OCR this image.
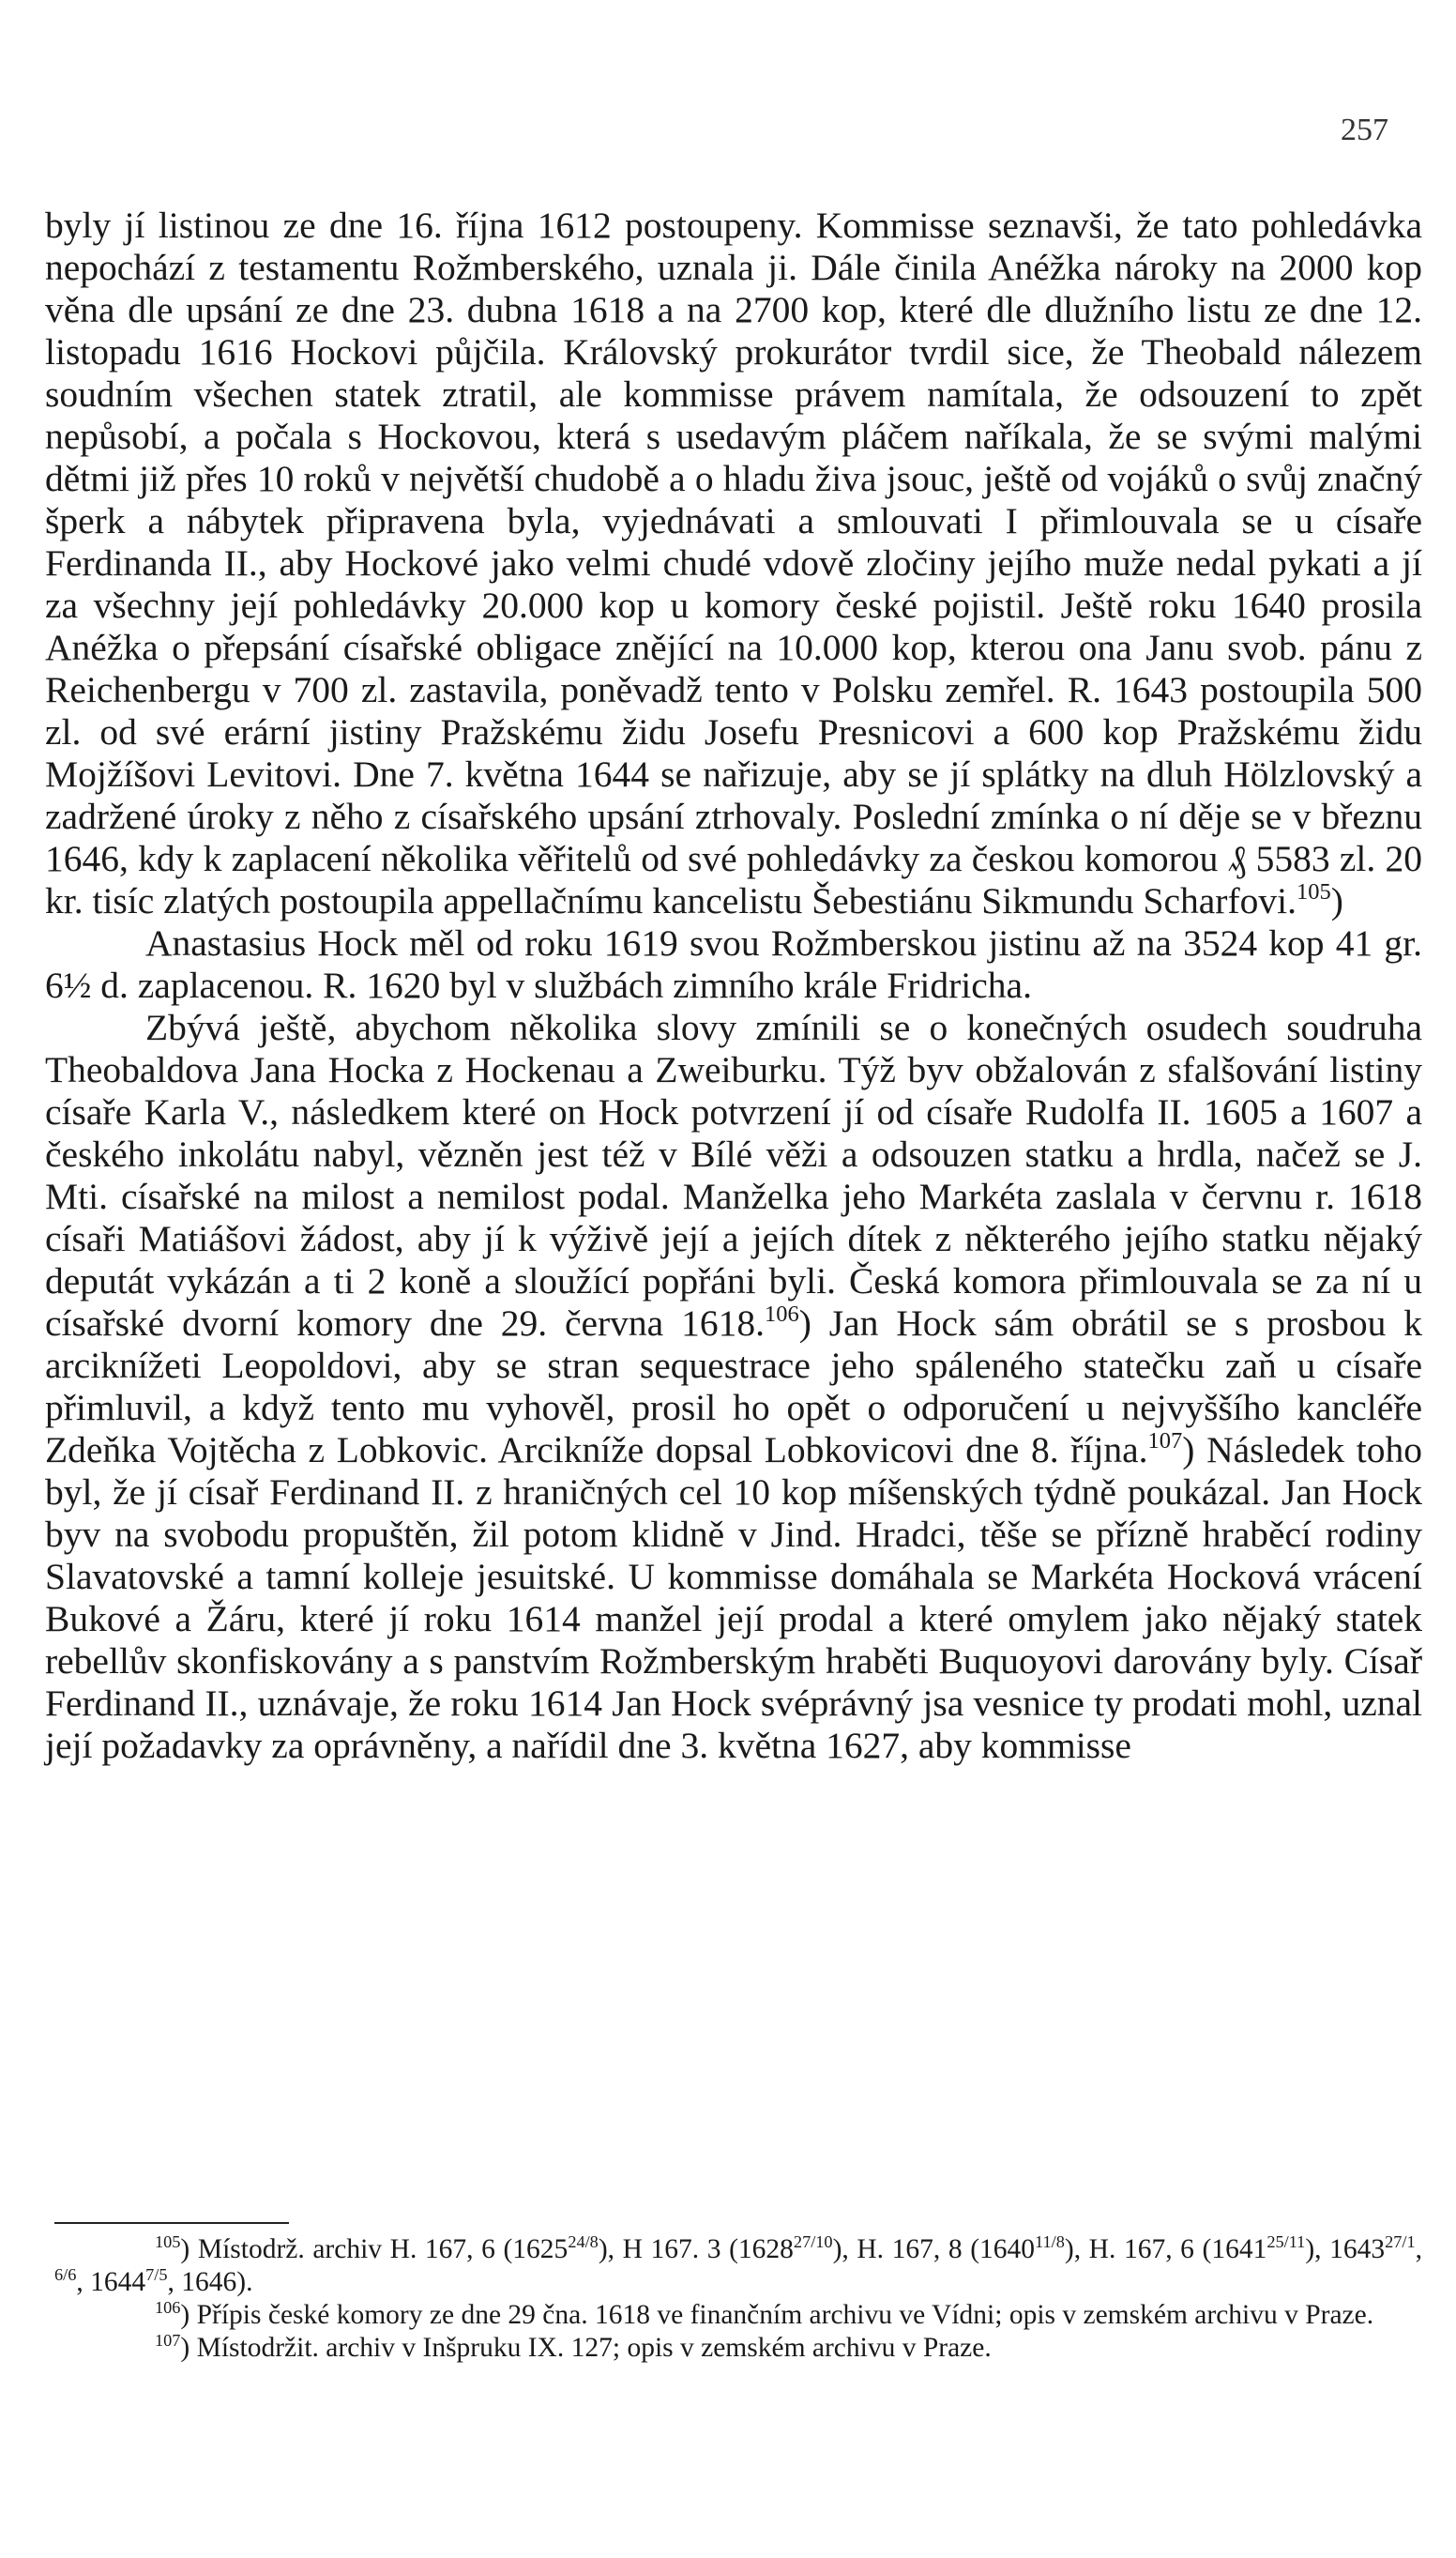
257

byly jí listinou ze dne 16. října 1612 postoupeny. Kommisse seznavši, že tato pohledávka nepochází z testamentu Rožmberského, uznala ji. Dále činila Anéžka nároky na 2000 kop věna dle upsání ze dne 23. dubna 1618 a na 2700 kop, které dle dlužního listu ze dne 12. listopadu 1616 Hockovi půjčila. Královský prokurátor tvrdil sice, že Theobald nálezem soudním všechen statek ztratil, ale kommisse právem namítala, že odsouzení to zpět nepůsobí, a počala s Hockovou, která s usedavým pláčem naříkala, že se svými malými dětmi již přes 10 roků v největší chudobě a o hladu živa jsouc, ještě od vojáků o svůj značný šperk a nábytek připravena byla, vyjednávati a smlouvati I přimlouvala se u císaře Ferdinanda II., aby Hockové jako velmi chudé vdově zločiny jejího muže nedal pykati a jí za všechny její pohledávky 20.000 kop u komory české pojistil. Ještě roku 1640 prosila Anéžka o přepsání císařské obligace znějící na 10.000 kop, kterou ona Janu svob. pánu z Reichenbergu v 700 zl. zastavila, poněvadž tento v Polsku zemřel. R. 1643 postoupila 500 zl. od své erární jistiny Pražskému židu Josefu Presnicovi a 600 kop Pražskému židu Mojžíšovi Levitovi. Dne 7. května 1644 se nařizuje, aby se jí splátky na dluh Hölzlovský a zadržené úroky z něho z císařského upsání ztrhovaly. Poslední zmínka o ní děje se v březnu 1646, kdy k zaplacení několika věřitelů od své pohledávky za českou komorou ₰ 5583 zl. 20 kr. tisíc zlatých postoupila appellačnímu kancelistu Šebestiánu Sikmundu Scharfovi.$^{105}$)

Anastasius Hock měl od roku 1619 svou Rožmberskou jistinu až na 3524 kop 41 gr. 6½ d. zaplacenou. R. 1620 byl v službách zimního krále Fridricha.

Zbývá ještě, abychom několika slovy zmínili se o konečných osudech soudruha Theobaldova Jana Hocka z Hockenau a Zweiburku. Týž byv obžalován z sfalšování listiny císaře Karla V., následkem které on Hock potvrzení jí od císaře Rudolfa II. 1605 a 1607 a českého inkolátu nabyl, vězněn jest též v Bílé věži a odsouzen statku a hrdla, načež se J. Mti. císařské na milost a nemilost podal. Manželka jeho Markéta zaslala v červnu r. 1618 císaři Matiášovi žádost, aby jí k výživě její a jejích dítek z některého jejího statku nějaký deputát vykázán a ti 2 koně a sloužící popřáni byli. Česká komora přimlouvala se za ní u císařské dvorní komory dne 29. června 1618.$^{106}$) Jan Hock sám obrátil se s prosbou k arciknížeti Leopoldovi, aby se stran sequestrace jeho spáleného statečku zaň u císaře přimluvil, a když tento mu vyhověl, prosil ho opět o odporučení u nejvyššího kancléře Zdeňka Vojtěcha z Lobkovic. Arcikníže dopsal Lobkovicovi dne 8. října.$^{107}$) Následek toho byl, že jí císař Ferdinand II. z hraničných cel 10 kop míšenských týdně poukázal. Jan Hock byv na svobodu propuštěn, žil potom klidně v Jind. Hradci, těše se přízně hraběcí rodiny Slavatovské a tamní kolleje jesuitské. U kommisse domáhala se Markéta Hocková vrácení Bukové a Žáru, které jí roku 1614 manžel její prodal a které omylem jako nějaký statek rebellův skonfiskovány a s panstvím Rožmberským hraběti Buquoyovi darovány byly. Císař Ferdinand II., uznávaje, že roku 1614 Jan Hock svéprávný jsa vesnice ty prodati mohl, uznal její požadavky za oprávněny, a nařídil dne 3. května 1627, aby kommisse

$^{105}$) Místodrž. archiv H. 167, 6 $(1625^{24/8})$, H 167. 3 $(1628^{27/10})$, H. 167, 8 $(1640^{11/8})$, H. 167, 6 $(1641^{25/11})$, $1643^{27/1}$, $^{6/6}$, $1644^{7/5}$, 1646).

$^{106}$) Přípis české komory ze dne 29 čna. 1618 ve finančním archivu ve Vídni; opis v zemském archivu v Praze.

$^{107}$) Místodržit. archiv v Inšpruku IX. 127; opis v zemském archivu v Praze.
